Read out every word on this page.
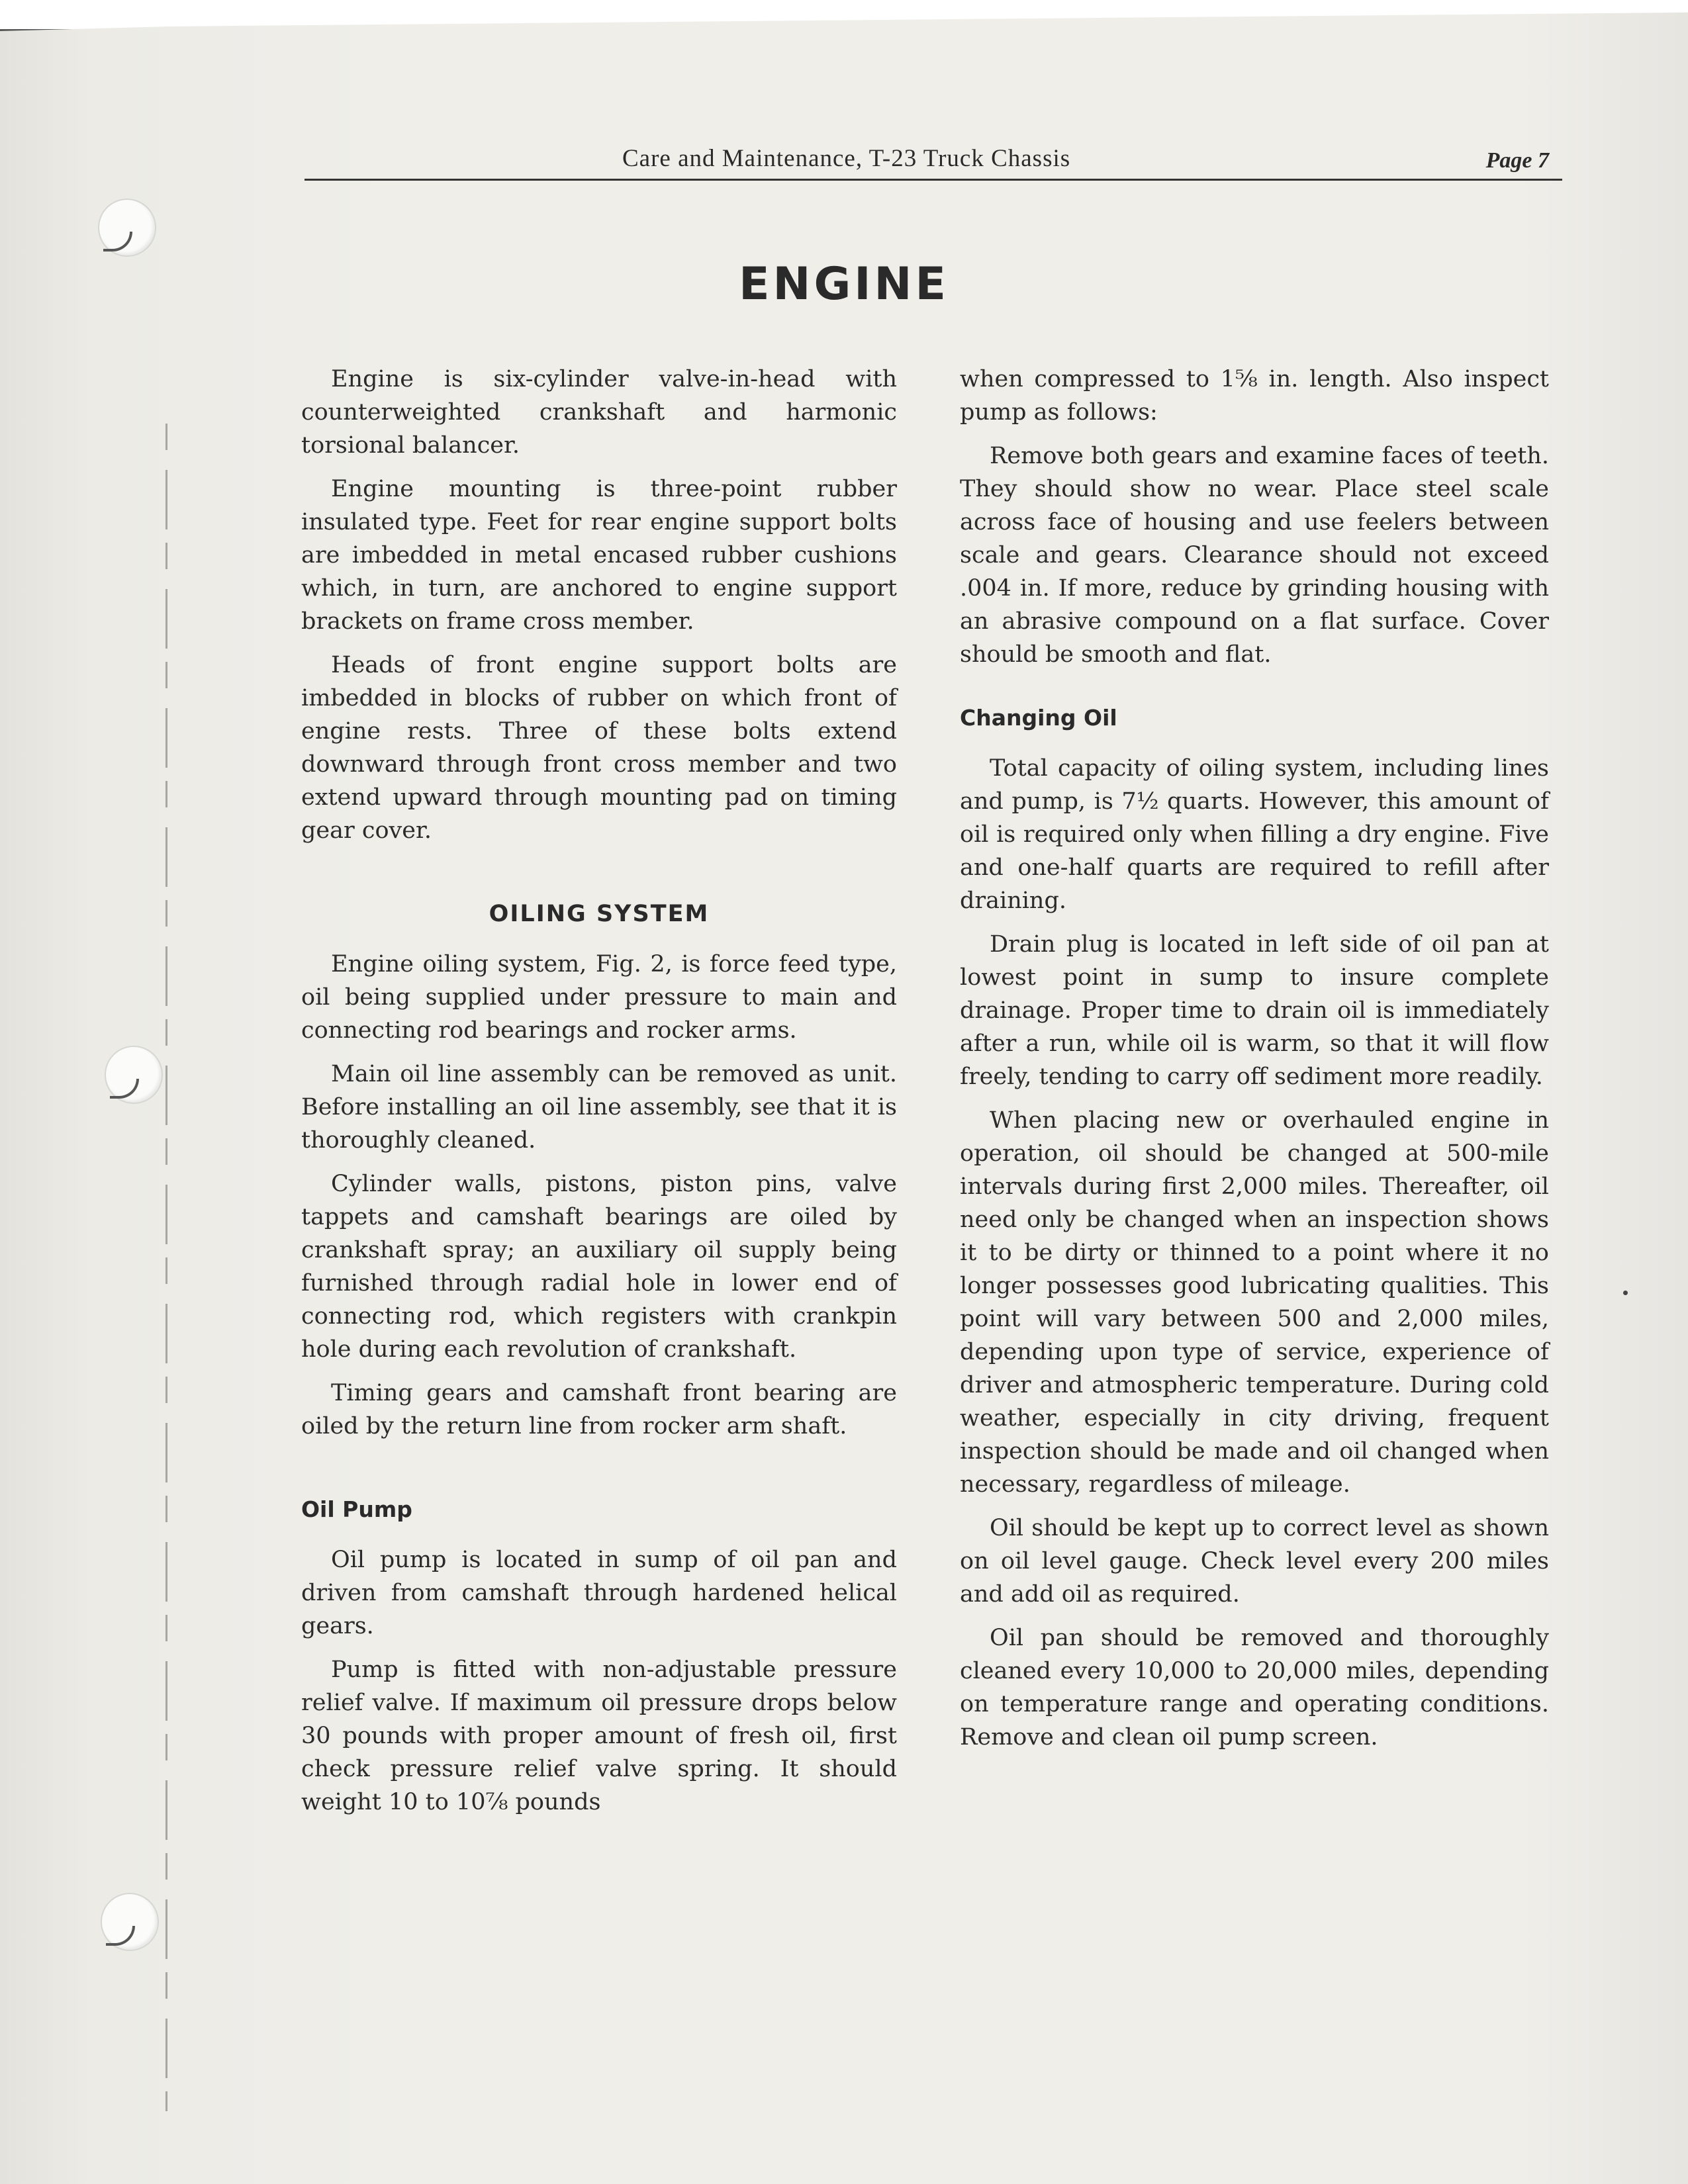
Care and Maintenance, T-23 Truck Chassis	Page 7
ENGINE

Engine is six-cylinder valve-in-head with counterweighted crankshaft and harmonic torsional balancer.

Engine mounting is three-point rubber insulated type. Feet for rear engine support bolts are imbedded in metal encased rubber cushions which, in turn, are anchored to engine support brackets on frame cross member.

Heads of front engine support bolts are imbedded in blocks of rubber on which front of engine rests. Three of these bolts extend downward through front cross member and two extend upward through mounting pad on timing gear cover.

OILING SYSTEM

Engine oiling system, Fig. 2, is force feed type, oil being supplied under pressure to main and connecting rod bearings and rocker arms.

Main oil line assembly can be removed as unit. Before installing an oil line assembly, see that it is thoroughly cleaned.

Cylinder walls, pistons, piston pins, valve tappets and camshaft bearings are oiled by crankshaft spray; an auxiliary oil supply being furnished through radial hole in lower end of connecting rod, which registers with crankpin hole during each revolution of crankshaft.

Timing gears and camshaft front bearing are oiled by the return line from rocker arm shaft.

Oil Pump

Oil pump is located in sump of oil pan and driven from camshaft through hardened helical gears.

Pump is fitted with non-adjustable pressure relief valve. If maximum oil pressure drops below 30 pounds with proper amount of fresh oil, first check pressure relief valve spring. It should weight 10 to 10⅞ pounds

when compressed to 1⅝ in. length. Also inspect pump as follows:

Remove both gears and examine faces of teeth. They should show no wear. Place steel scale across face of housing and use feelers between scale and gears. Clearance should not exceed .004 in. If more, reduce by grinding housing with an abrasive compound on a flat surface. Cover should be smooth and flat.

Changing Oil

Total capacity of oiling system, including lines and pump, is 7½ quarts. However, this amount of oil is required only when filling a dry engine. Five and one-half quarts are required to refill after draining.

Drain plug is located in left side of oil pan at lowest point in sump to insure complete drainage. Proper time to drain oil is immediately after a run, while oil is warm, so that it will flow freely, tending to carry off sediment more readily.

When placing new or overhauled engine in operation, oil should be changed at 500-mile intervals during first 2,000 miles. Thereafter, oil need only be changed when an inspection shows it to be dirty or thinned to a point where it no longer possesses good lubricating qualities. This point will vary between 500 and 2,000 miles, depending upon type of service, experience of driver and atmospheric temperature. During cold weather, especially in city driving, frequent inspection should be made and oil changed when necessary, regardless of mileage.

Oil should be kept up to correct level as shown on oil level gauge. Check level every 200 miles and add oil as required.

Oil pan should be removed and thoroughly cleaned every 10,000 to 20,000 miles, depending on temperature range and operating conditions. Remove and clean oil pump screen.
